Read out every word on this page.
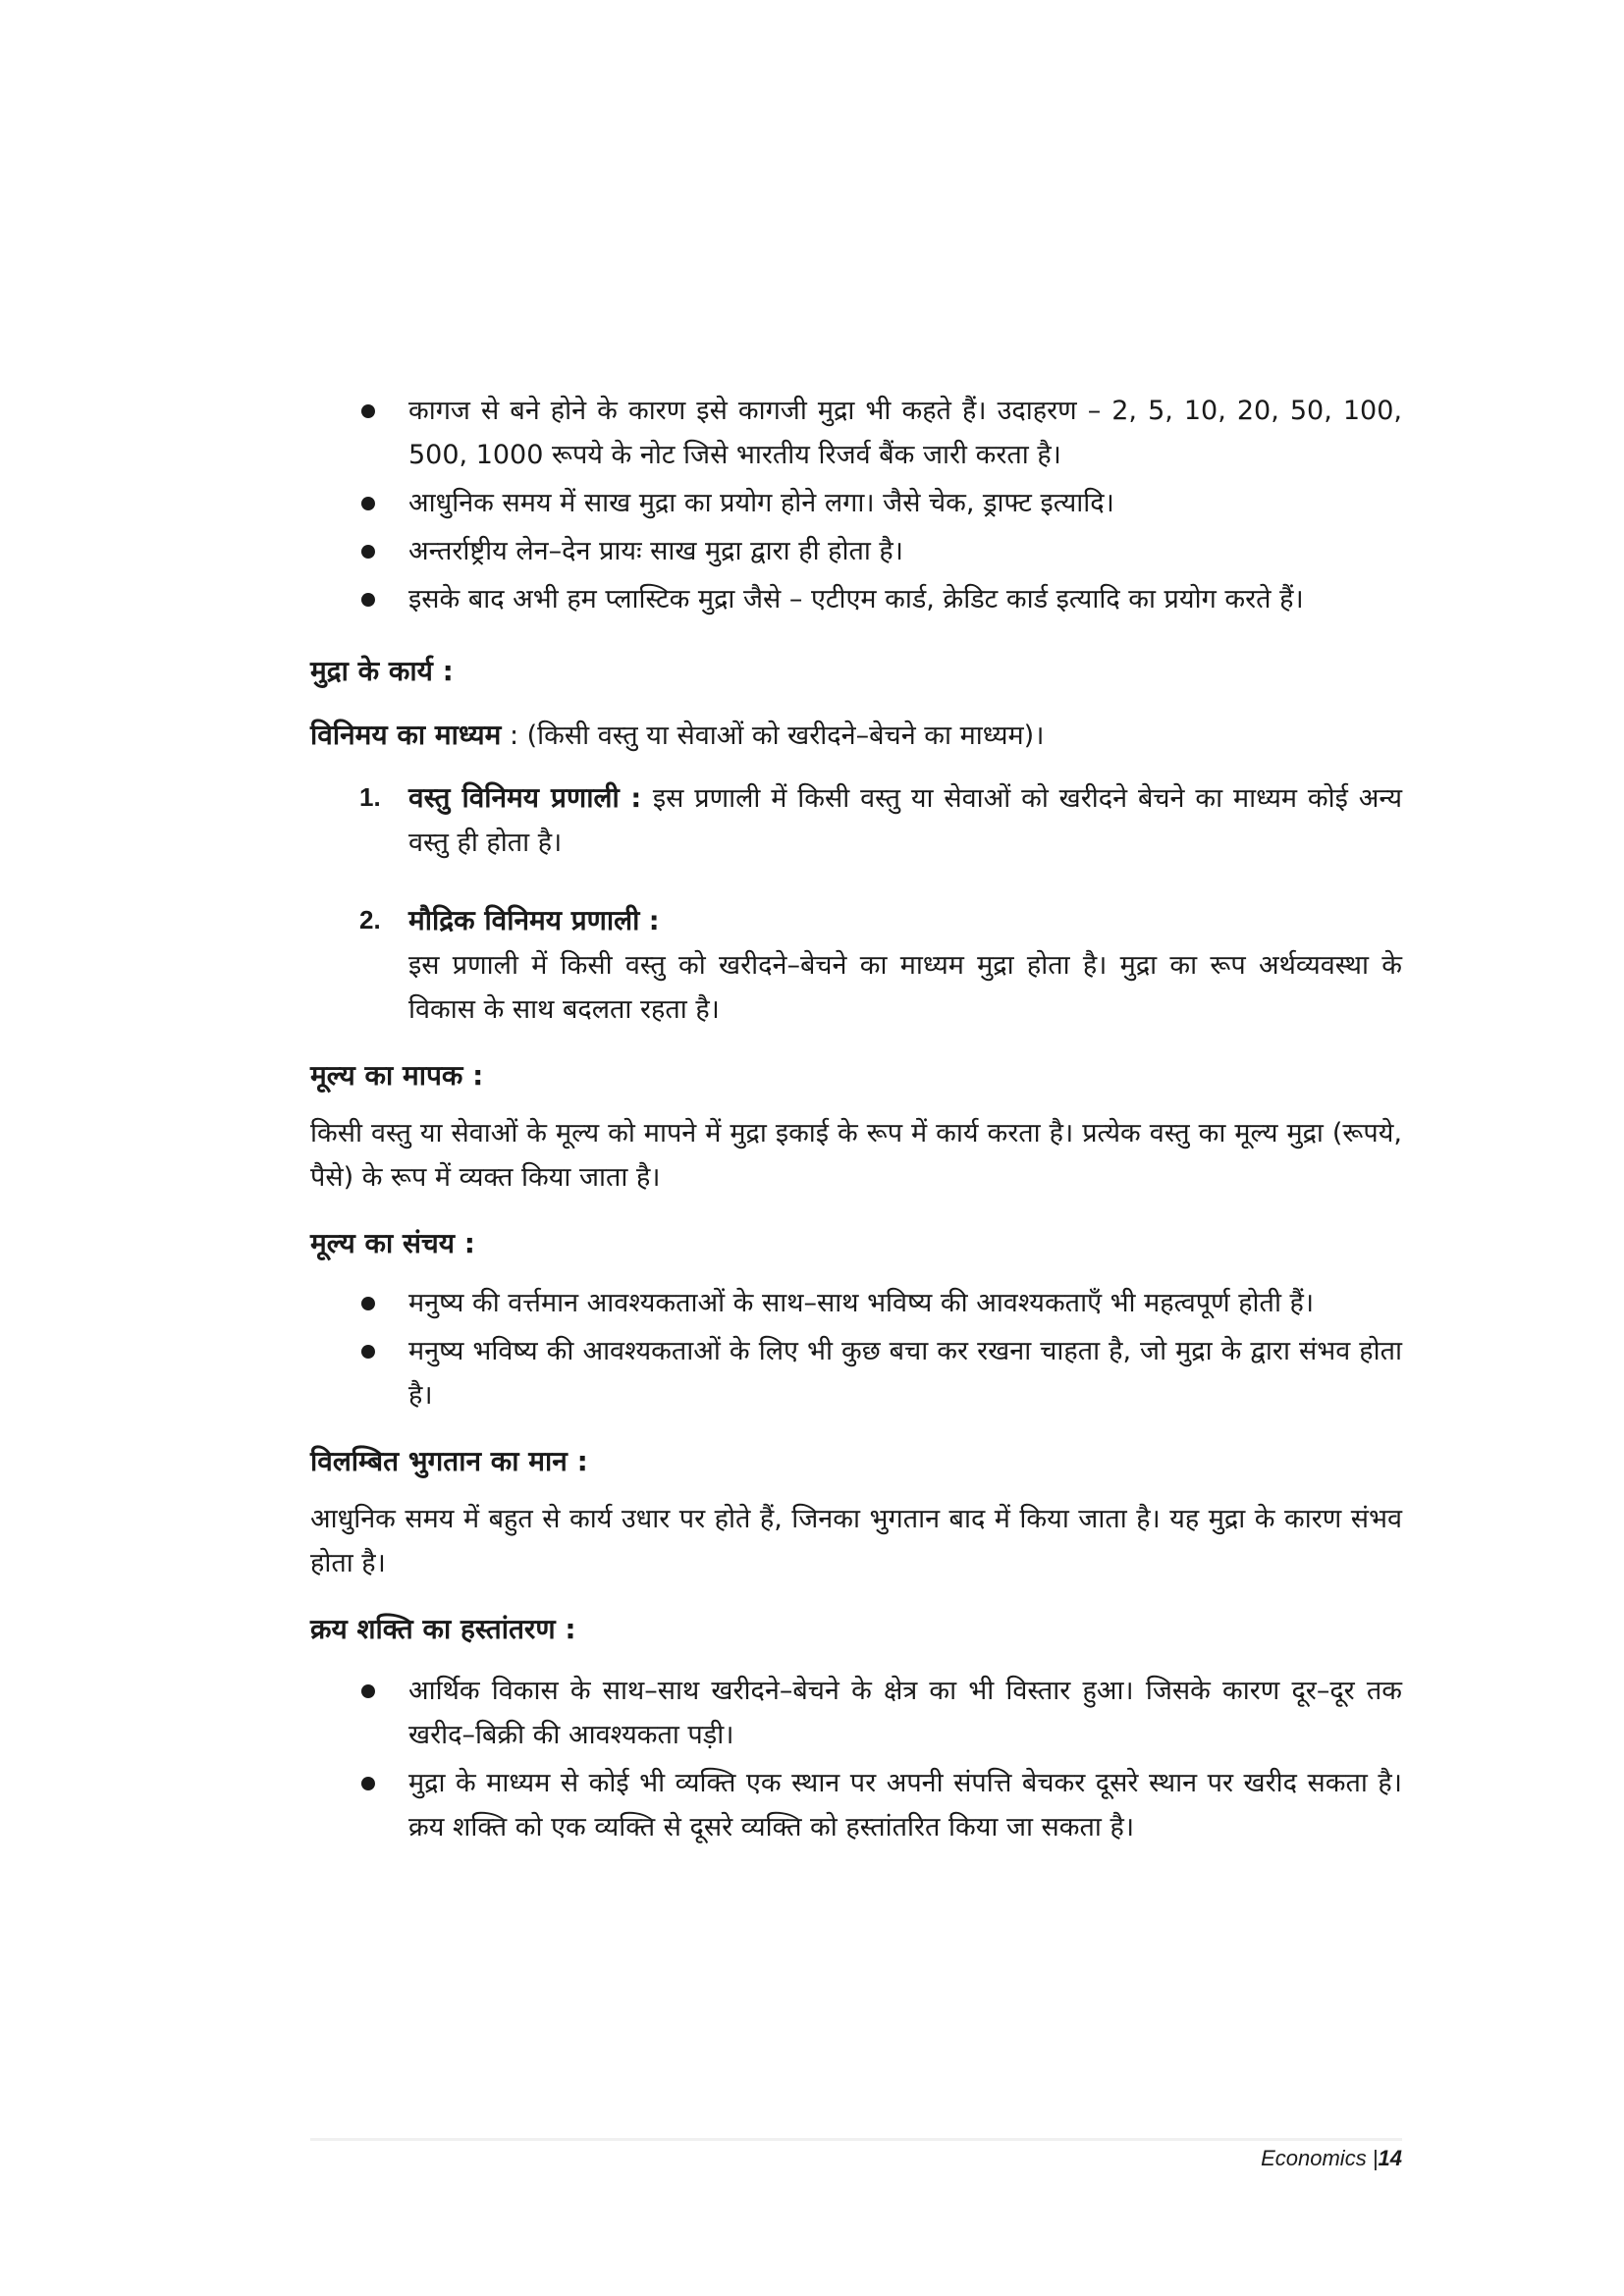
कागज से बने होने के कारण इसे कागजी मुद्रा भी कहते हैं। उदाहरण – 2, 5, 10, 20, 50, 100, 500, 1000 रूपये के नोट जिसे भारतीय रिजर्व बैंक जारी करता है।
आधुनिक समय में साख मुद्रा का प्रयोग होने लगा। जैसे चेक, ड्राफ्ट इत्यादि।
अन्तर्राष्ट्रीय लेन–देन प्रायः साख मुद्रा द्वारा ही होता है।
इसके बाद अभी हम प्लास्टिक मुद्रा जैसे – एटीएम कार्ड, क्रेडिट कार्ड इत्यादि का प्रयोग करते हैं।

मुद्रा के कार्य :

विनिमय का माध्यम : (किसी वस्तु या सेवाओं को खरीदने–बेचने का माध्यम)।

1. वस्तु विनिमय प्रणाली : इस प्रणाली में किसी वस्तु या सेवाओं को खरीदने बेचने का माध्यम कोई अन्य वस्तु ही होता है।
2. मौद्रिक विनिमय प्रणाली :
इस प्रणाली में किसी वस्तु को खरीदने–बेचने का माध्यम मुद्रा होता है। मुद्रा का रूप अर्थव्यवस्था के विकास के साथ बदलता रहता है।

मूल्य का मापक :

किसी वस्तु या सेवाओं के मूल्य को मापने में मुद्रा इकाई के रूप में कार्य करता है। प्रत्येक वस्तु का मूल्य मुद्रा (रूपये, पैसे) के रूप में व्यक्त किया जाता है।

मूल्य का संचय :

मनुष्य की वर्त्तमान आवश्यकताओं के साथ–साथ भविष्य की आवश्यकताएँ भी महत्वपूर्ण होती हैं।
मनुष्य भविष्य की आवश्यकताओं के लिए भी कुछ बचा कर रखना चाहता है, जो मुद्रा के द्वारा संभव होता है।

विलम्बित भुगतान का मान :

आधुनिक समय में बहुत से कार्य उधार पर होते हैं, जिनका भुगतान बाद में किया जाता है। यह मुद्रा के कारण संभव होता है।

क्रय शक्ति का हस्तांतरण :

आर्थिक विकास के साथ–साथ खरीदने–बेचने के क्षेत्र का भी विस्तार हुआ। जिसके कारण दूर–दूर तक खरीद–बिक्री की आवश्यकता पड़ी।
मुद्रा के माध्यम से कोई भी व्यक्ति एक स्थान पर अपनी संपत्ति बेचकर दूसरे स्थान पर खरीद सकता है। क्रय शक्ति को एक व्यक्ति से दूसरे व्यक्ति को हस्तांतरित किया जा सकता है।
Economics |14
